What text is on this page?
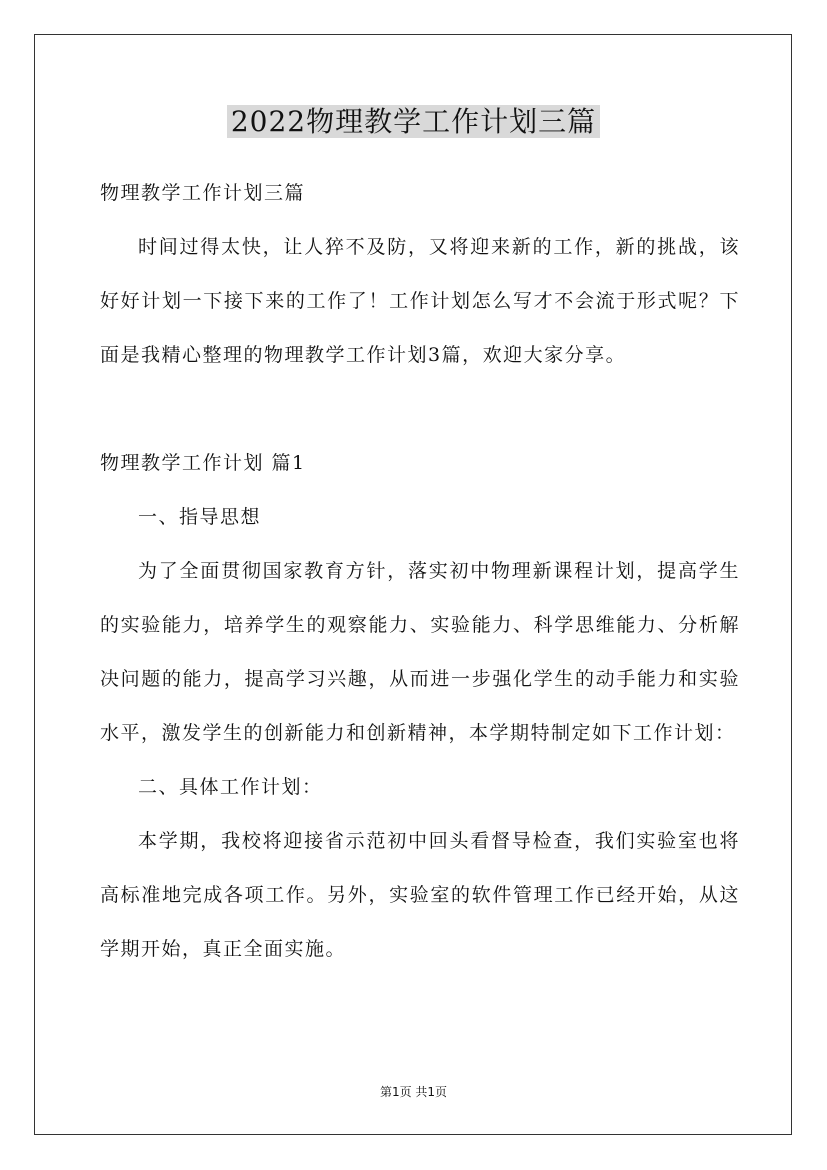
2022物理教学工作计划三篇

物理教学工作计划三篇

时间过得太快，让人猝不及防，又将迎来新的工作，新的挑战，该好好计划一下接下来的工作了！工作计划怎么写才不会流于形式呢？下面是我精心整理的物理教学工作计划3篇，欢迎大家分享。

物理教学工作计划 篇1

一、指导思想

为了全面贯彻国家教育方针，落实初中物理新课程计划，提高学生的实验能力，培养学生的观察能力、实验能力、科学思维能力、分析解决问题的能力，提高学习兴趣，从而进一步强化学生的动手能力和实验水平，激发学生的创新能力和创新精神，本学期特制定如下工作计划：

二、具体工作计划：

本学期，我校将迎接省示范初中回头看督导检查，我们实验室也将高标准地完成各项工作。另外，实验室的软件管理工作已经开始，从这学期开始，真正全面实施。

第1页 共1页
